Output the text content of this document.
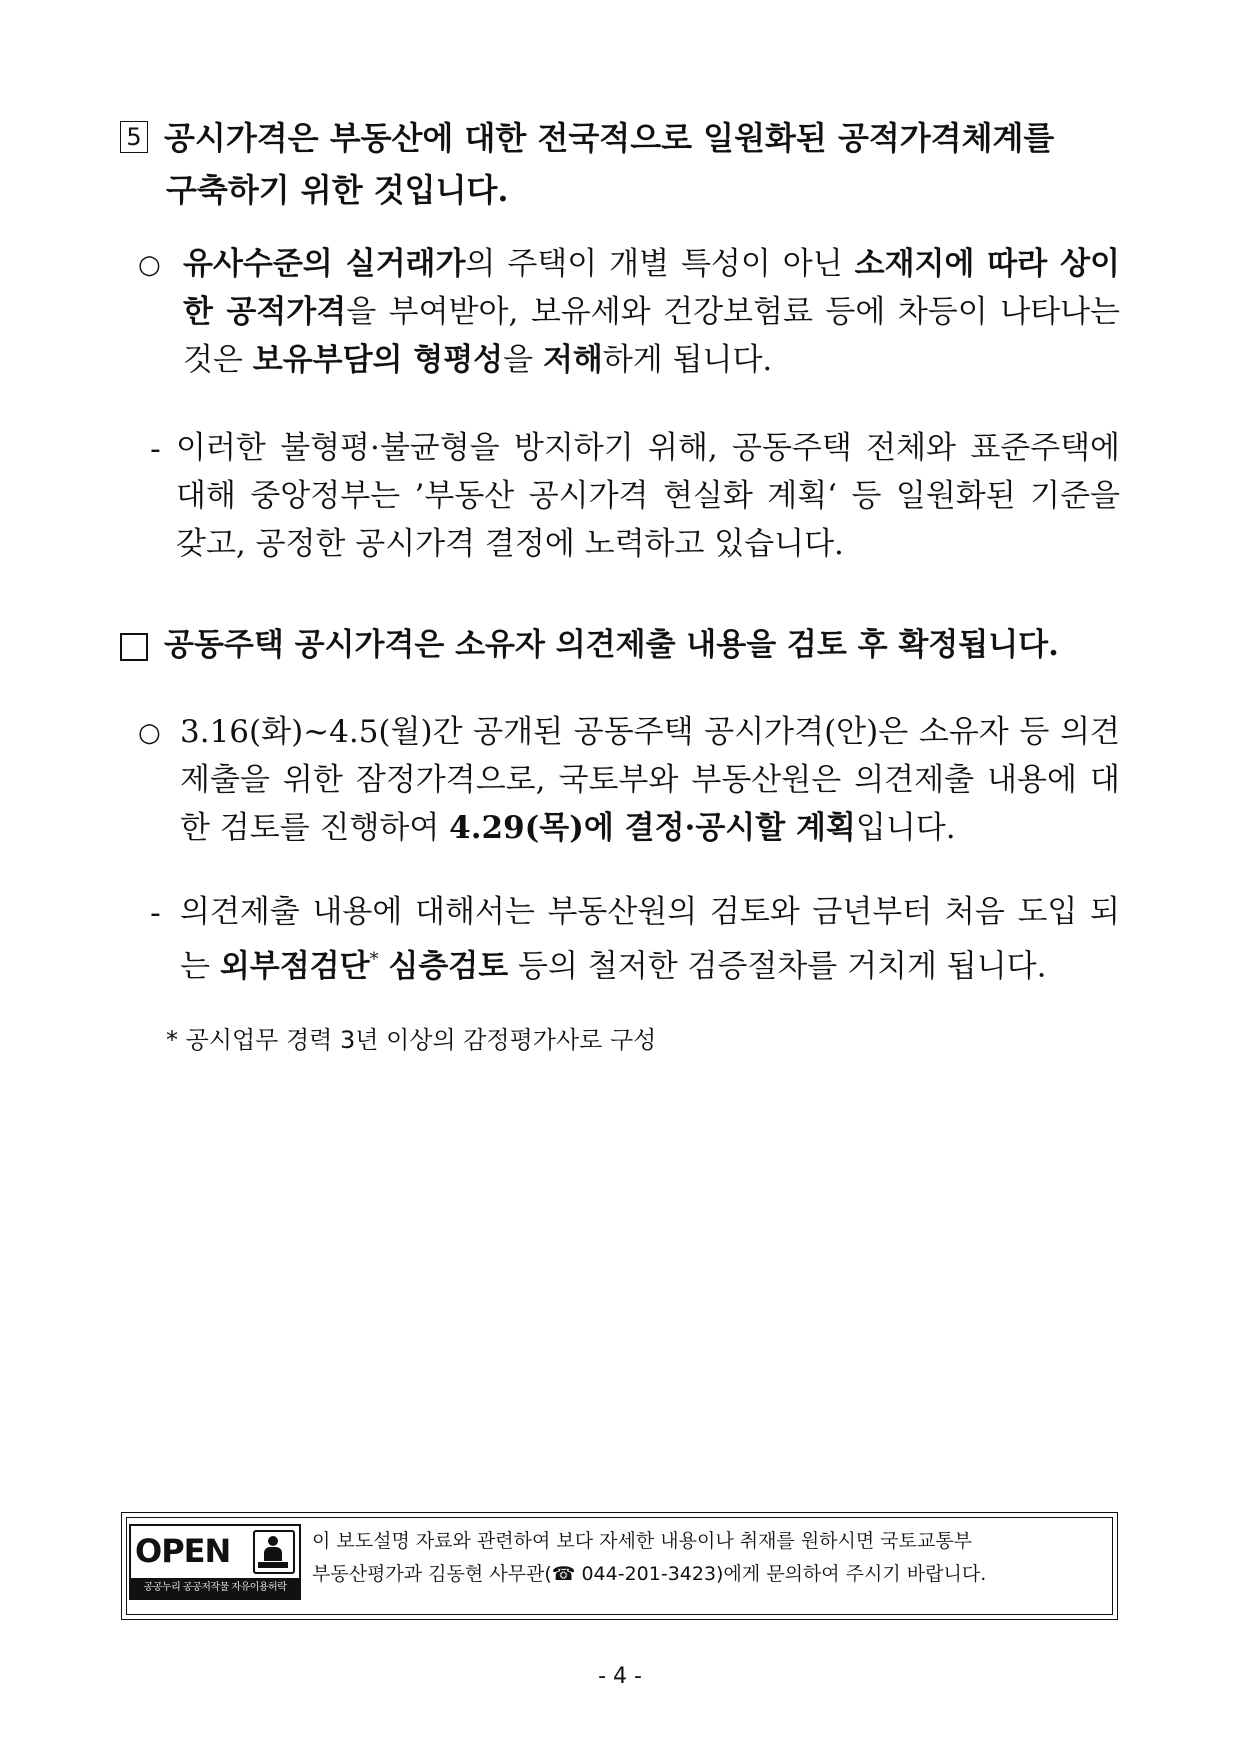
5 공시가격은 부동산에 대한 전국적으로 일원화된 공적가격체계를
구축하기 위한 것입니다.
○ 유사수준의 실거래가의 주택이 개별 특성이 아닌 소재지에 따라 상이한 공적가격을 부여받아, 보유세와 건강보험료 등에 차등이 나타나는 것은 보유부담의 형평성을 저해하게 됩니다.
- 이러한 불형평·불균형을 방지하기 위해, 공동주택 전체와 표준주택에 대해 중앙정부는 ’부동산 공시가격 현실화 계획‘ 등 일원화된 기준을 갖고, 공정한 공시가격 결정에 노력하고 있습니다.
공동주택 공시가격은 소유자 의견제출 내용을 검토 후 확정됩니다.
○ 3.16(화)~4.5(월)간 공개된 공동주택 공시가격(안)은 소유자 등 의견 제출을 위한 잠정가격으로, 국토부와 부동산원은 의견제출 내용에 대한 검토를 진행하여 4.29(목)에 결정·공시할 계획입니다.
- 의견제출 내용에 대해서는 부동산원의 검토와 금년부터 처음 도입 되는 외부점검단* 심층검토 등의 철저한 검증절차를 거치게 됩니다.
* 공시업무 경력 3년 이상의 감정평가사로 구성
OPEN
공공누리 공공저작물 자유이용허락
이 보도설명 자료와 관련하여 보다 자세한 내용이나 취재를 원하시면 국토교통부
부동산평가과 김동현 사무관(☎ 044-201-3423)에게 문의하여 주시기 바랍니다.
- 4 -
